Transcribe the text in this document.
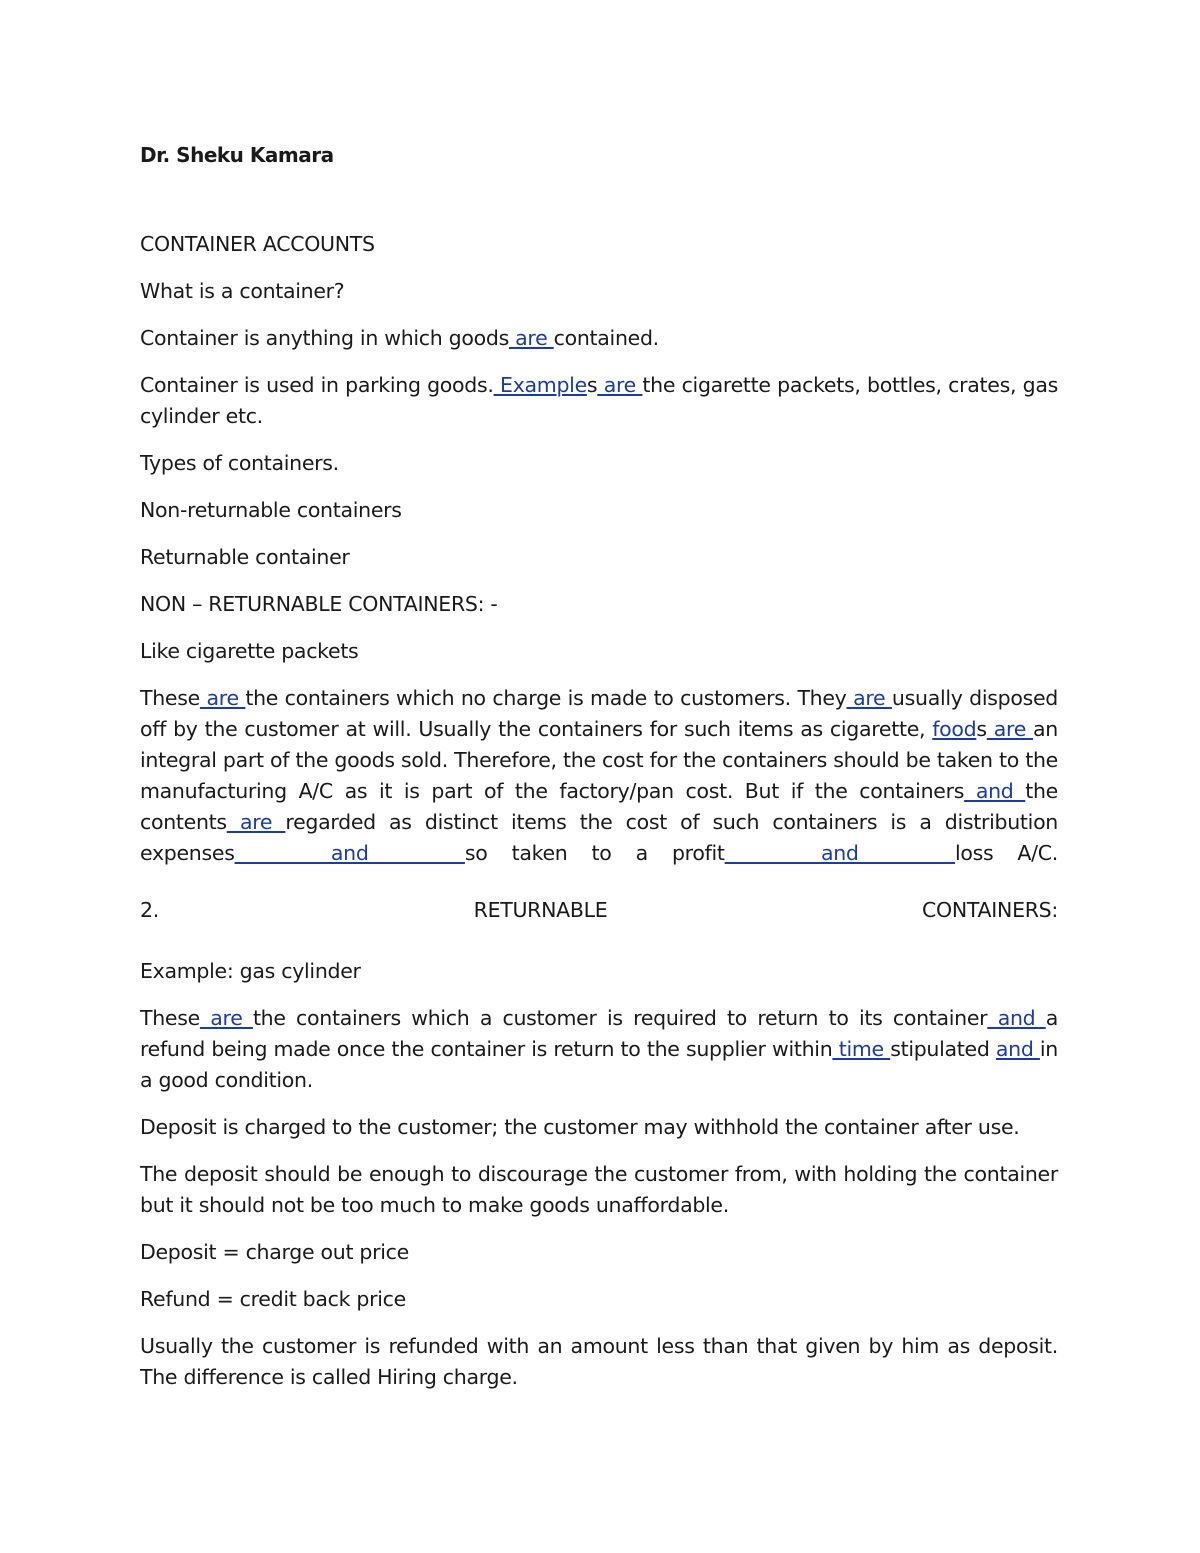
Dr. Sheku Kamara

CONTAINER ACCOUNTS

What is a container?

Container is anything in which goods are contained.

Container is used in parking goods. Examples are the cigarette packets, bottles, crates, gas cylinder etc.

Types of containers.

Non-returnable containers

Returnable container

NON – RETURNABLE CONTAINERS: -

Like cigarette packets

These are the containers which no charge is made to customers. They are usually disposed off by the customer at will. Usually the containers for such items as cigarette, foods are an integral part of the goods sold. Therefore, the cost for the containers should be taken to the manufacturing A/C as it is part of the factory/pan cost. But if the containers and the contents are regarded as distinct items the cost of such containers is a distribution expenses    and    so taken to a profit    and    loss A/C.

2.	RETURNABLE	CONTAINERS:

Example: gas cylinder

These are the containers which a customer is required to return to its container and a refund being made once the container is return to the supplier within time stipulated and in a good condition.

Deposit is charged to the customer; the customer may withhold the container after use.

The deposit should be enough to discourage the customer from, with holding the container but it should not be too much to make goods unaffordable.

Deposit = charge out price

Refund = credit back price

Usually the customer is refunded with an amount less than that given by him as deposit. The difference is called Hiring charge.
